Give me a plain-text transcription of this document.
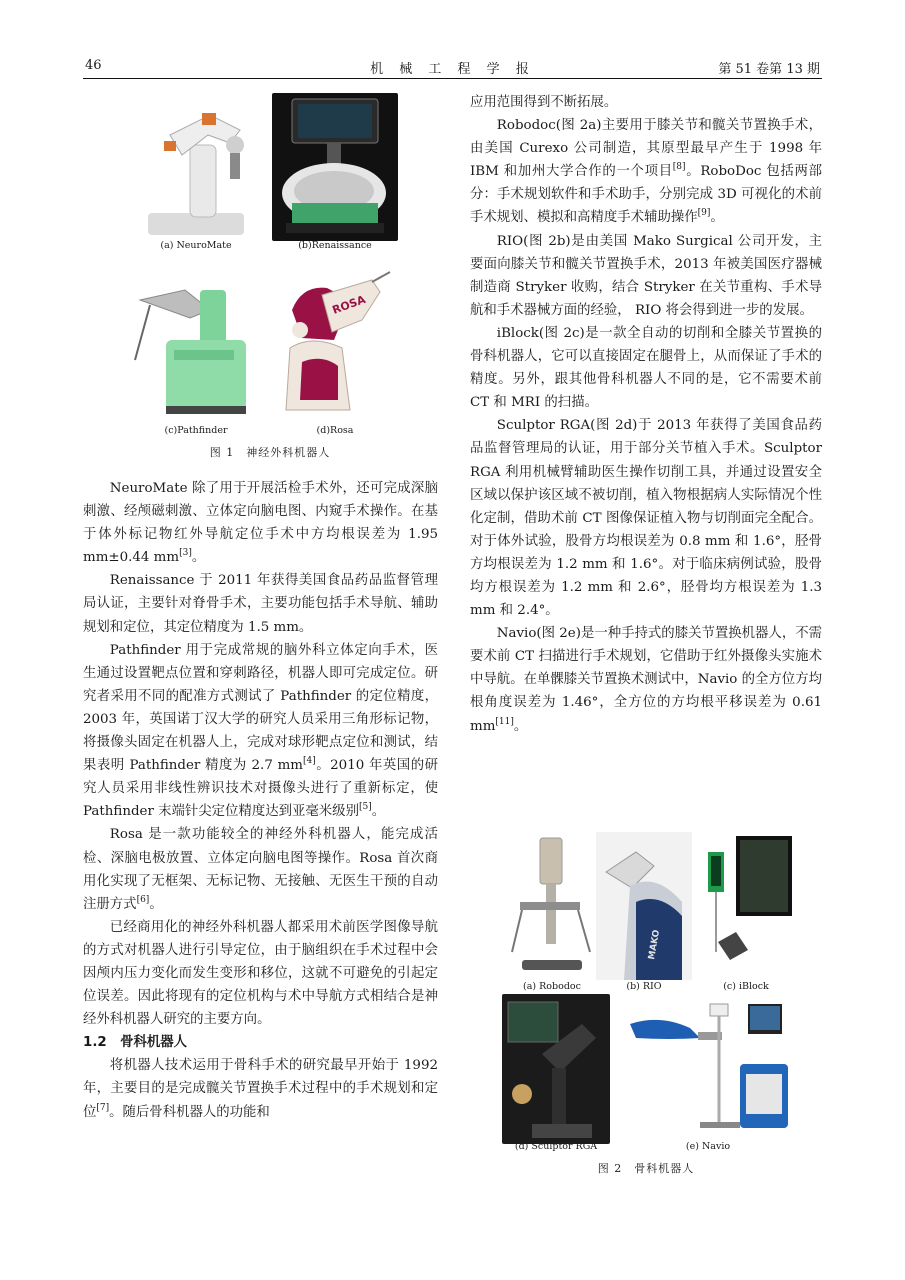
46	机 械 工 程 学 报	第 51 卷第 13 期
(a) NeuroMate	(b)Renaissance
(c)Pathfinder
ROSA
(d)Rosa
图 1　神经外科机器人

NeuroMate 除了用于开展活检手术外，还可完成深脑刺激、经颅磁刺激、立体定向脑电图、内窥手术操作。在基于体外标记物红外导航定位手术中方均根误差为 1.95 mm±0.44 mm[3]。

Renaissance 于 2011 年获得美国食品药品监督管理局认证，主要针对脊骨手术，主要功能包括手术导航、辅助规划和定位，其定位精度为 1.5 mm。

Pathfinder 用于完成常规的脑外科立体定向手术，医生通过设置靶点位置和穿刺路径，机器人即可完成定位。研究者采用不同的配准方式测试了 Pathfinder 的定位精度，2003 年，英国诺丁汉大学的研究人员采用三角形标记物，将摄像头固定在机器人上，完成对球形靶点定位和测试，结果表明 Pathfinder 精度为 2.7 mm[4]。2010 年英国的研究人员采用非线性辨识技术对摄像头进行了重新标定，使 Pathfinder 末端针尖定位精度达到亚毫米级别[5]。

Rosa 是一款功能较全的神经外科机器人，能完成活检、深脑电极放置、立体定向脑电图等操作。Rosa 首次商用化实现了无框架、无标记物、无接触、无医生干预的自动注册方式[6]。

已经商用化的神经外科机器人都采用术前医学图像导航的方式对机器人进行引导定位，由于脑组织在手术过程中会因颅内压力变化而发生变形和移位，这就不可避免的引起定位误差。因此将现有的定位机构与术中导航方式相结合是神经外科机器人研究的主要方向。

1.2　骨科机器人

将机器人技术运用于骨科手术的研究最早开始于 1992 年，主要目的是完成髋关节置换手术过程中的手术规划和定位[7]。随后骨科机器人的功能和

应用范围得到不断拓展。

Robodoc(图 2a)主要用于膝关节和髋关节置换手术，由美国 Curexo 公司制造，其原型最早产生于 1998 年 IBM 和加州大学合作的一个项目[8]。RoboDoc 包括两部分：手术规划软件和手术助手，分别完成 3D 可视化的术前手术规划、模拟和高精度手术辅助操作[9]。

RIO(图 2b)是由美国 Mako Surgical 公司开发，主要面向膝关节和髋关节置换手术，2013 年被美国医疗器械制造商 Stryker 收购，结合 Stryker 在关节重构、手术导航和手术器械方面的经验， RIO 将会得到进一步的发展。

iBlock(图 2c)是一款全自动的切削和全膝关节置换的骨科机器人，它可以直接固定在腿骨上，从而保证了手术的精度。另外，跟其他骨科机器人不同的是，它不需要术前 CT 和 MRI 的扫描。

Sculptor RGA(图 2d)于 2013 年获得了美国食品药品监督管理局的认证，用于部分关节植入手术。Sculptor RGA 利用机械臂辅助医生操作切削工具，并通过设置安全区域以保护该区域不被切削，植入物根据病人实际情况个性化定制，借助术前 CT 图像保证植入物与切削面完全配合。对于体外试验，股骨方均根误差为 0.8 mm 和 1.6°，胫骨方均根误差为 1.2 mm 和 1.6°。对于临床病例试验，股骨均方根误差为 1.2 mm 和 2.6°，胫骨均方根误差为 1.3 mm 和 2.4°。

Navio(图 2e)是一种手持式的膝关节置换机器人，不需要术前 CT 扫描进行手术规划，它借助于红外摄像头实施术中导航。在单髁膝关节置换术测试中，Navio 的全方位方均根角度误差为 1.46°，全方位的方均根平移误差为 0.61 mm[11]。

(a) Robodoc
MAKO
(b) RIO	(c) iBlock
(d) Sculptor RGA	(e) Navio
图 2　骨科机器人
